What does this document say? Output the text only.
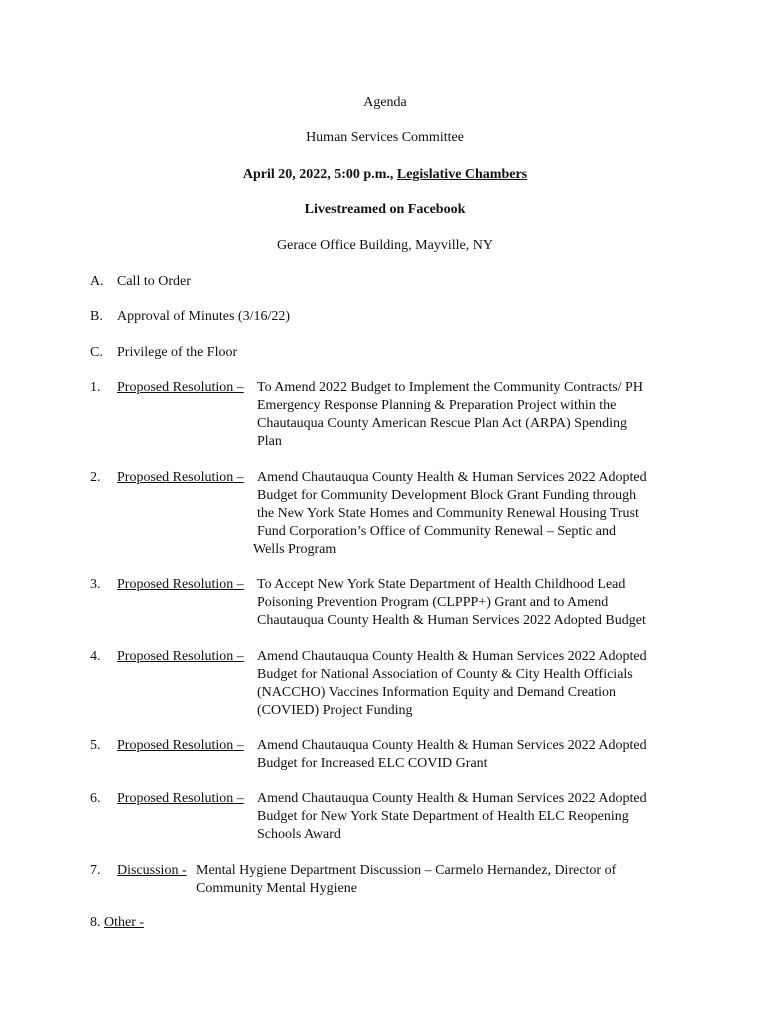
Agenda
Human Services Committee
April 20, 2022, 5:00 p.m., Legislative Chambers
Livestreamed on Facebook
Gerace Office Building, Mayville, NY
A. Call to Order
B. Approval of Minutes (3/16/22)
C. Privilege of the Floor
1. Proposed Resolution – To Amend 2022 Budget to Implement the Community Contracts/ PH
Emergency Response Planning & Preparation Project within the
Chautauqua County American Rescue Plan Act (ARPA) Spending
Plan
2. Proposed Resolution – Amend Chautauqua County Health & Human Services 2022 Adopted
Budget for Community Development Block Grant Funding through
the New York State Homes and Community Renewal Housing Trust
Fund Corporation’s Office of Community Renewal – Septic and
Wells Program
3. Proposed Resolution – To Accept New York State Department of Health Childhood Lead
Poisoning Prevention Program (CLPPP+) Grant and to Amend
Chautauqua County Health & Human Services 2022 Adopted Budget
4. Proposed Resolution – Amend Chautauqua County Health & Human Services 2022 Adopted
Budget for National Association of County & City Health Officials
(NACCHO) Vaccines Information Equity and Demand Creation
(COVIED) Project Funding
5. Proposed Resolution – Amend Chautauqua County Health & Human Services 2022 Adopted
Budget for Increased ELC COVID Grant
6. Proposed Resolution – Amend Chautauqua County Health & Human Services 2022 Adopted
Budget for New York State Department of Health ELC Reopening
Schools Award
7. Discussion - Mental Hygiene Department Discussion – Carmelo Hernandez, Director of
Community Mental Hygiene
8. Other -
